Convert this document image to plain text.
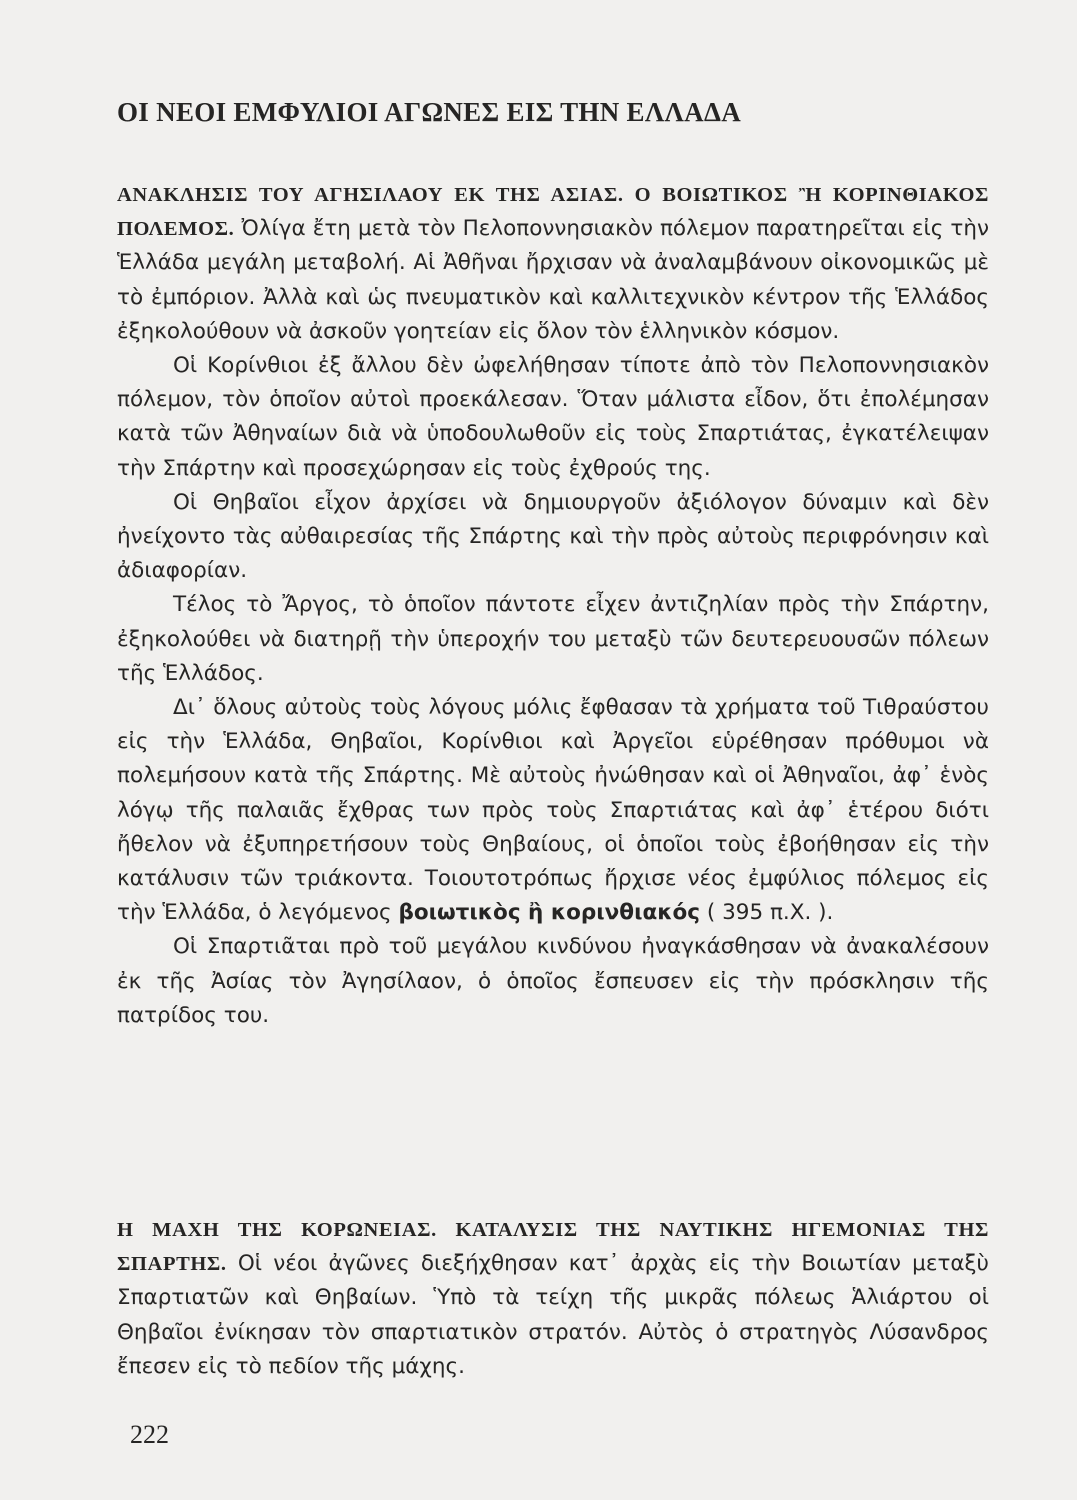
ΟΙ ΝΕΟΙ ΕΜΦΥΛΙΟΙ ΑΓΩΝΕΣ ΕΙΣ ΤΗΝ ΕΛΛΑΔΑ

ΑΝΑΚΛΗΣΙΣ ΤΟΥ ΑΓΗΣΙΛΑΟΥ ΕΚ ΤΗΣ ΑΣΙΑΣ. Ο ΒΟΙΩΤΙΚΟΣ Ἢ ΚΟΡΙΝΘΙΑΚΟΣ ΠΟΛΕΜΟΣ. Ὀλίγα ἔτη μετὰ τὸν Πελοποννησιακὸν πόλεμον παρατηρεῖται εἰς τὴν Ἑλλάδα μεγάλη μεταβολή. Αἱ Ἀθῆναι ἤρχισαν νὰ ἀναλαμβάνουν οἰκονομικῶς μὲ τὸ ἐμπόριον. Ἀλλὰ καὶ ὡς πνευματικὸν καὶ καλλιτεχνικὸν κέντρον τῆς Ἑλλάδος ἐξηκολούθουν νὰ ἀσκοῦν γοητείαν εἰς ὅλον τὸν ἑλληνικὸν κόσμον.

Οἱ Κορίνθιοι ἐξ ἄλλου δὲν ὠφελήθησαν τίποτε ἀπὸ τὸν Πελοποννησιακὸν πόλεμον, τὸν ὁποῖον αὐτοὶ προεκάλεσαν. Ὅταν μάλιστα εἶδον, ὅτι ἐπολέμησαν κατὰ τῶν Ἀθηναίων διὰ νὰ ὑποδουλωθοῦν εἰς τοὺς Σπαρτιάτας, ἐγκατέλειψαν τὴν Σπάρτην καὶ προσεχώρησαν εἰς τοὺς ἐχθρούς της.

Οἱ Θηβαῖοι εἶχον ἀρχίσει νὰ δημιουργοῦν ἀξιόλογον δύναμιν καὶ δὲν ἠνείχοντο τὰς αὐθαιρεσίας τῆς Σπάρτης καὶ τὴν πρὸς αὐτοὺς περιφρόνησιν καὶ ἀδιαφορίαν.

Τέλος τὸ Ἄργος, τὸ ὁποῖον πάντοτε εἶχεν ἀντιζηλίαν πρὸς τὴν Σπάρτην, ἐξηκολούθει νὰ διατηρῇ τὴν ὑπεροχήν του μεταξὺ τῶν δευτερευουσῶν πόλεων τῆς Ἑλλάδος.

Δι᾽ ὅλους αὐτοὺς τοὺς λόγους μόλις ἔφθασαν τὰ χρήματα τοῦ Τιθραύστου εἰς τὴν Ἑλλάδα, Θηβαῖοι, Κορίνθιοι καὶ Ἀργεῖοι εὑρέθησαν πρόθυμοι νὰ πολεμήσουν κατὰ τῆς Σπάρτης. Μὲ αὐτοὺς ἠνώθησαν καὶ οἱ Ἀθηναῖοι, ἀφ᾽ ἑνὸς λόγῳ τῆς παλαιᾶς ἔχθρας των πρὸς τοὺς Σπαρτιάτας καὶ ἀφ᾽ ἑτέρου διότι ἤθελον νὰ ἐξυπηρετήσουν τοὺς Θηβαίους, οἱ ὁποῖοι τοὺς ἐβοήθησαν εἰς τὴν κατάλυσιν τῶν τριάκοντα. Τοιουτοτρόπως ἤρχισε νέος ἐμφύλιος πόλεμος εἰς τὴν Ἑλλάδα, ὁ λεγόμενος βοιωτικὸς ἢ κορινθιακός ( 395 π.Χ. ).

Οἱ Σπαρτιᾶται πρὸ τοῦ μεγάλου κινδύνου ἠναγκάσθησαν νὰ ἀνακαλέσουν ἐκ τῆς Ἀσίας τὸν Ἀγησίλαον, ὁ ὁποῖος ἔσπευσεν εἰς τὴν πρόσκλησιν τῆς πατρίδος του.

Η ΜΑΧΗ ΤΗΣ ΚΟΡΩΝΕΙΑΣ. ΚΑΤΑΛΥΣΙΣ ΤΗΣ ΝΑΥΤΙΚΗΣ ΗΓΕΜΟΝΙΑΣ ΤΗΣ ΣΠΑΡΤΗΣ. Οἱ νέοι ἀγῶνες διεξήχθησαν κατ᾽ ἀρχὰς εἰς τὴν Βοιωτίαν μεταξὺ Σπαρτιατῶν καὶ Θηβαίων. Ὑπὸ τὰ τείχη τῆς μικρᾶς πόλεως Ἁλιάρτου οἱ Θηβαῖοι ἐνίκησαν τὸν σπαρτιατικὸν στρατόν. Αὐτὸς ὁ στρατηγὸς Λύσανδρος ἔπεσεν εἰς τὸ πεδίον τῆς μάχης.

222
